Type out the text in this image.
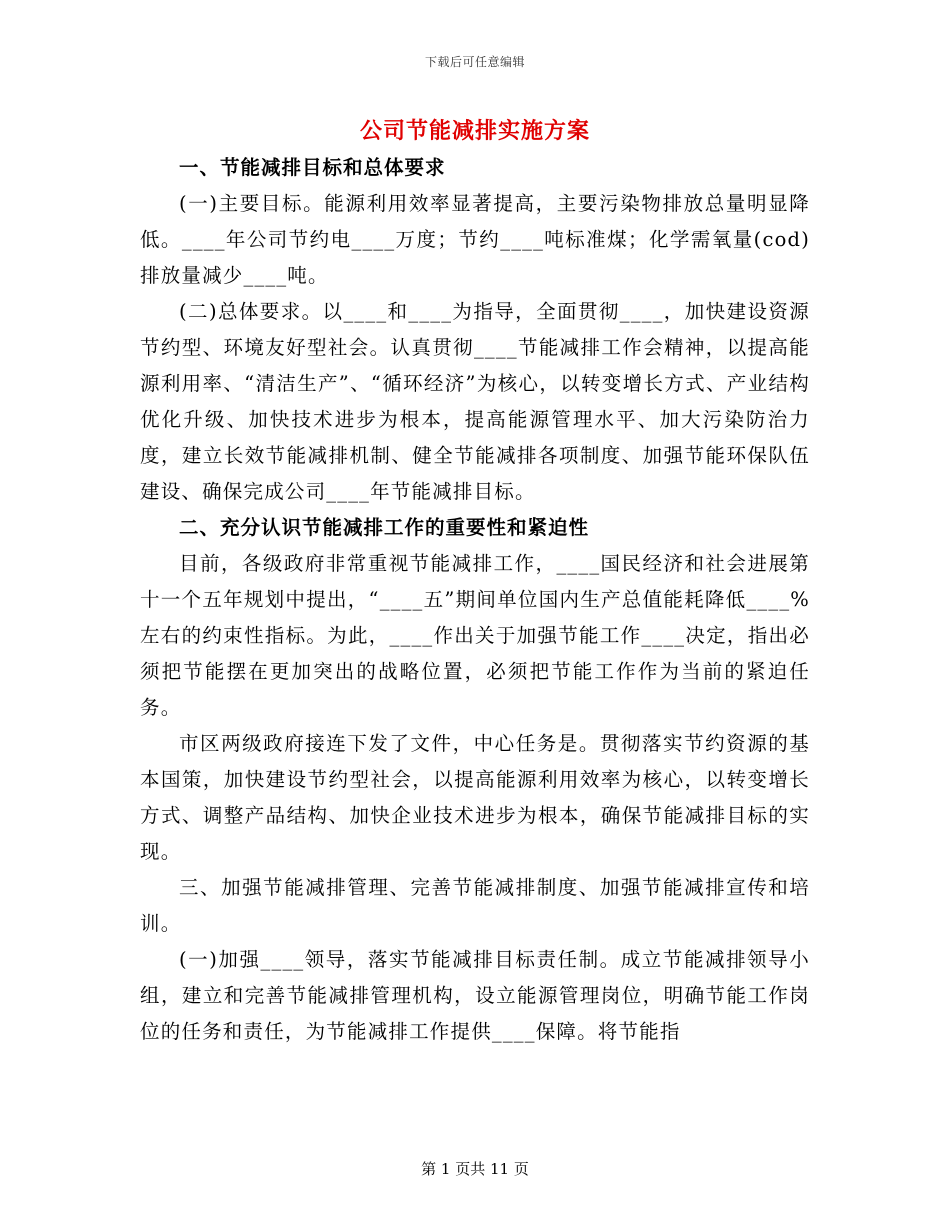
下载后可任意编辑
公司节能减排实施方案

一、节能减排目标和总体要求

(一)主要目标。能源利用效率显著提高，主要污染物排放总量明显降低。____年公司节约电____万度；节约____吨标准煤；化学需氧量(cod)排放量减少____吨。

(二)总体要求。以____和____为指导，全面贯彻____，加快建设资源节约型、环境友好型社会。认真贯彻____节能减排工作会精神，以提高能源利用率、“清洁生产”、“循环经济”为核心，以转变增长方式、产业结构优化升级、加快技术进步为根本，提高能源管理水平、加大污染防治力度，建立长效节能减排机制、健全节能减排各项制度、加强节能环保队伍建设、确保完成公司____年节能减排目标。

二、充分认识节能减排工作的重要性和紧迫性

目前，各级政府非常重视节能减排工作，____国民经济和社会进展第十一个五年规划中提出，“____五”期间单位国内生产总值能耗降低____%左右的约束性指标。为此，____作出关于加强节能工作____决定，指出必须把节能摆在更加突出的战略位置，必须把节能工作作为当前的紧迫任务。

市区两级政府接连下发了文件，中心任务是。贯彻落实节约资源的基本国策，加快建设节约型社会，以提高能源利用效率为核心，以转变增长方式、调整产品结构、加快企业技术进步为根本，确保节能减排目标的实现。

三、加强节能减排管理、完善节能减排制度、加强节能减排宣传和培训。

(一)加强____领导，落实节能减排目标责任制。成立节能减排领导小组，建立和完善节能减排管理机构，设立能源管理岗位，明确节能工作岗位的任务和责任，为节能减排工作提供____保障。将节能指

第 1 页共 11 页
